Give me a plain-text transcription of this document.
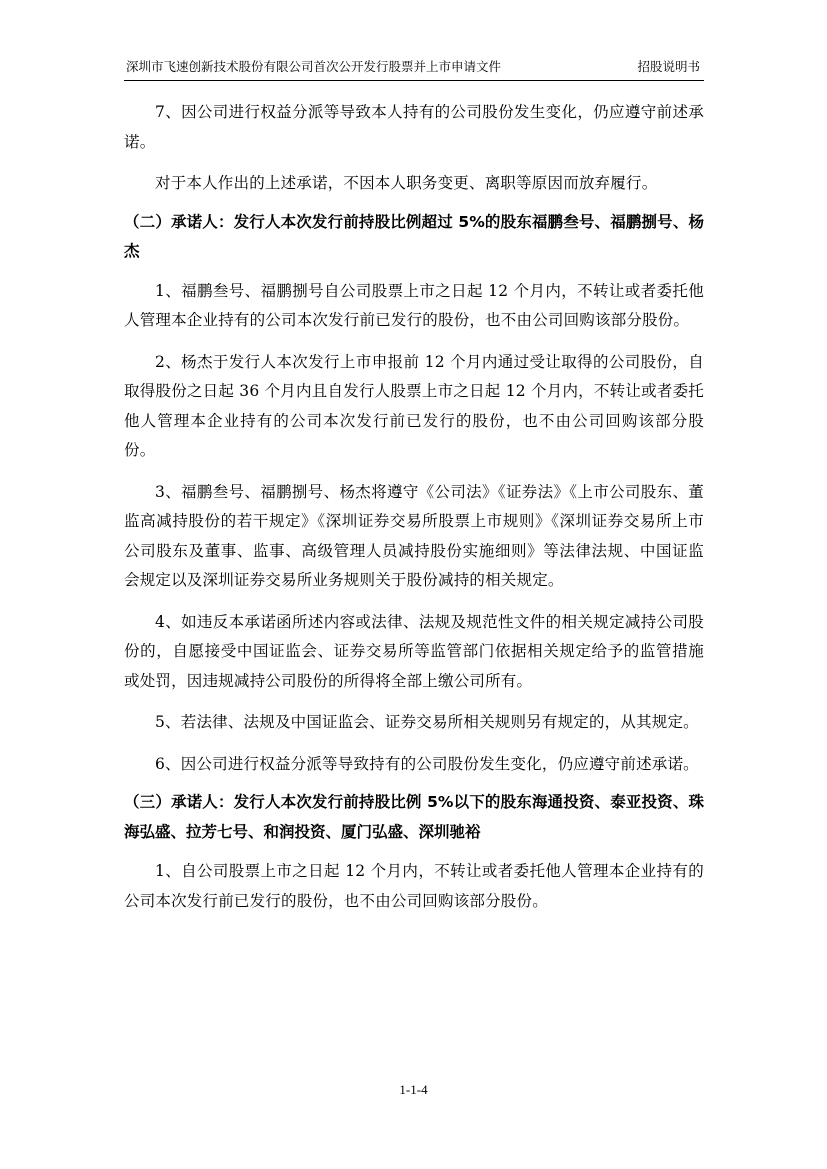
深圳市飞速创新技术股份有限公司首次公开发行股票并上市申请文件	招股说明书

7、因公司进行权益分派等导致本人持有的公司股份发生变化，仍应遵守前述承诺。

对于本人作出的上述承诺，不因本人职务变更、离职等原因而放弃履行。

（二）承诺人：发行人本次发行前持股比例超过 5%的股东福鹏叁号、福鹏捌号、杨杰

1、福鹏叁号、福鹏捌号自公司股票上市之日起 12 个月内，不转让或者委托他人管理本企业持有的公司本次发行前已发行的股份，也不由公司回购该部分股份。

2、杨杰于发行人本次发行上市申报前 12 个月内通过受让取得的公司股份，自取得股份之日起 36 个月内且自发行人股票上市之日起 12 个月内，不转让或者委托他人管理本企业持有的公司本次发行前已发行的股份，也不由公司回购该部分股份。

3、福鹏叁号、福鹏捌号、杨杰将遵守《公司法》《证券法》《上市公司股东、董监高减持股份的若干规定》《深圳证券交易所股票上市规则》《深圳证券交易所上市公司股东及董事、监事、高级管理人员减持股份实施细则》等法律法规、中国证监会规定以及深圳证券交易所业务规则关于股份减持的相关规定。

4、如违反本承诺函所述内容或法律、法规及规范性文件的相关规定减持公司股份的，自愿接受中国证监会、证券交易所等监管部门依据相关规定给予的监管措施或处罚，因违规减持公司股份的所得将全部上缴公司所有。

5、若法律、法规及中国证监会、证券交易所相关规则另有规定的，从其规定。

6、因公司进行权益分派等导致持有的公司股份发生变化，仍应遵守前述承诺。

（三）承诺人：发行人本次发行前持股比例 5%以下的股东海通投资、泰亚投资、珠海弘盛、拉芳七号、和润投资、厦门弘盛、深圳驰裕

1、自公司股票上市之日起 12 个月内，不转让或者委托他人管理本企业持有的公司本次发行前已发行的股份，也不由公司回购该部分股份。

1-1-4
